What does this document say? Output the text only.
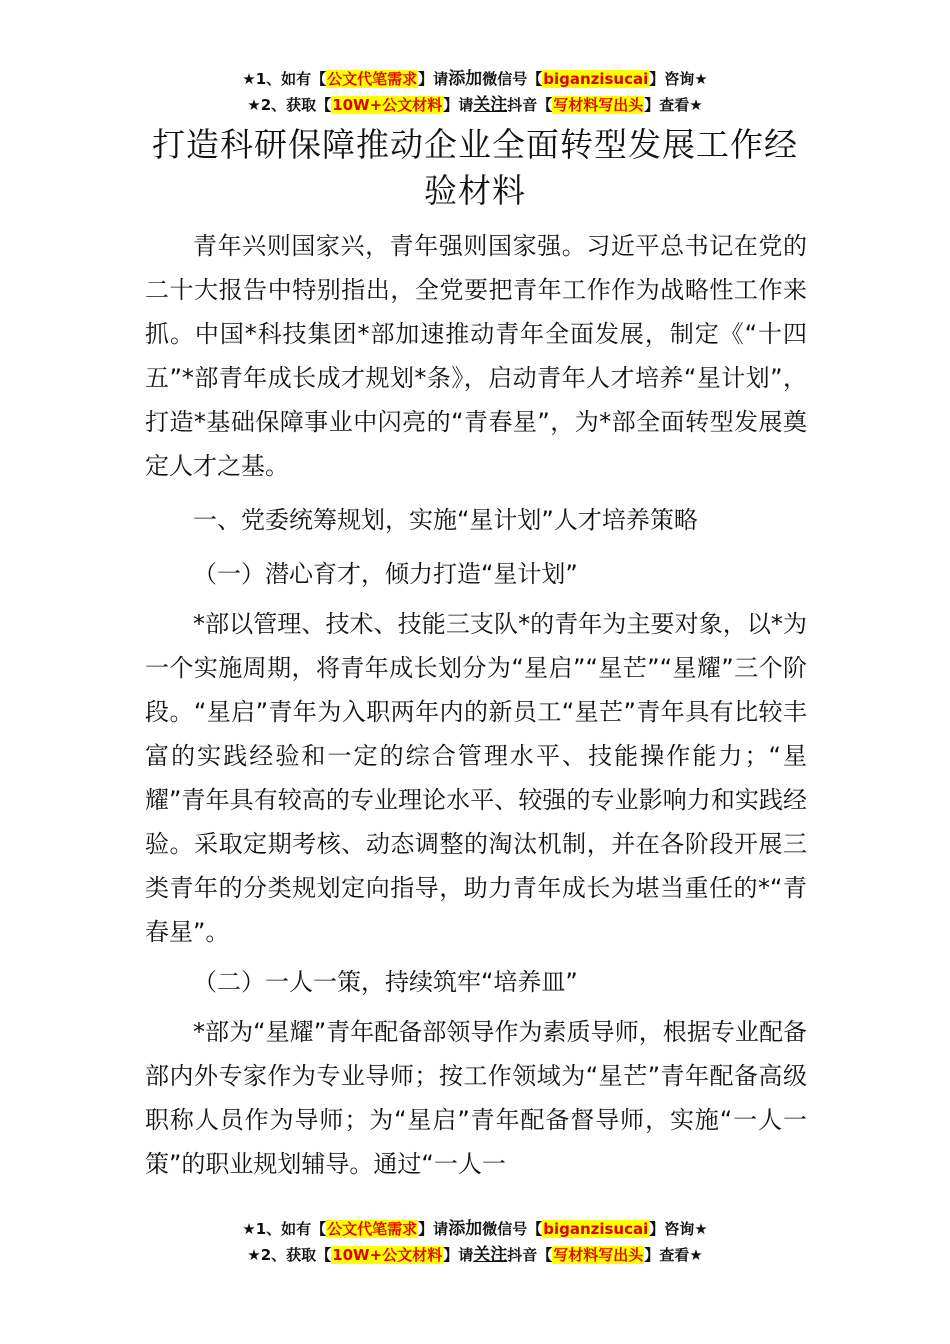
★1、如有【公文代笔需求】请添加微信号【biganzisucai】咨询★
★2、获取【10W+公文材料】请关注抖音【写材料写出头】查看★
打造科研保障推动企业全面转型发展工作经验材料

青年兴则国家兴，青年强则国家强。习近平总书记在党的二十大报告中特别指出，全党要把青年工作作为战略性工作来抓。中国*科技集团*部加速推动青年全面发展，制定《“十四五”*部青年成长成才规划*条》，启动青年人才培养“星计划”，打造*基础保障事业中闪亮的“青春星”，为*部全面转型发展奠定人才之基。

一、党委统筹规划，实施“星计划”人才培养策略

（一）潜心育才，倾力打造“星计划”

*部以管理、技术、技能三支队*的青年为主要对象，以*为一个实施周期，将青年成长划分为“星启”“星芒”“星耀”三个阶段。“星启”青年为入职两年内的新员工“星芒”青年具有比较丰富的实践经验和一定的综合管理水平、技能操作能力；“星耀”青年具有较高的专业理论水平、较强的专业影响力和实践经验。采取定期考核、动态调整的淘汰机制，并在各阶段开展三类青年的分类规划定向指导，助力青年成长为堪当重任的*“青春星”。

（二）一人一策，持续筑牢“培养皿”

*部为“星耀”青年配备部领导作为素质导师，根据专业配备部内外专家作为专业导师；按工作领域为“星芒”青年配备高级职称人员作为导师；为“星启”青年配备督导师，实施“一人一策”的职业规划辅导。通过“一人一

★1、如有【公文代笔需求】请添加微信号【biganzisucai】咨询★
★2、获取【10W+公文材料】请关注抖音【写材料写出头】查看★
